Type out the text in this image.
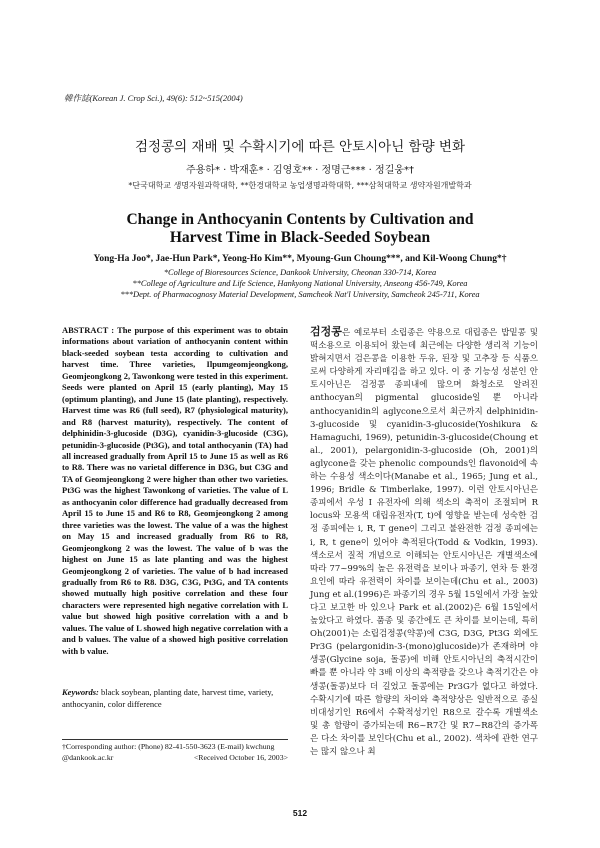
韓作誌(Korean J. Crop Sci.), 49(6): 512~515(2004)
검정콩의 재배 및 수확시기에 따른 안토시아닌 함량 변화
주용하* · 박재훈* · 김영호** · 정명근*** · 정길웅*†
*단국대학교 생명자원과학대학, **한경대학교 농업생명과학대학, ***삼척대학교 생약자원개발학과
Change in Anthocyanin Contents by Cultivation and
Harvest Time in Black-Seeded Soybean
Yong-Ha Joo*, Jae-Hun Park*, Yeong-Ho Kim**, Myoung-Gun Choung***, and Kil-Woong Chung*†
*College of Bioresources Science, Dankook University, Cheonan 330-714, Korea
**College of Agriculture and Life Science, Hankyong National University, Anseong 456-749, Korea
***Dept. of Pharmacognosy Material Development, Samcheok Nat'l University, Samcheok 245-711, Korea
ABSTRACT : The purpose of this experiment was to obtain informations about variation of anthocyanin content within black-seeded soybean testa according to cultivation and harvest time. Three varieties, Ilpumgeomjeongkong, Geomjeongkong 2, Tawonkong were tested in this experiment. Seeds were planted on April 15 (early planting), May 15 (optimum planting), and June 15 (late planting), respectively. Harvest time was R6 (full seed), R7 (physiological maturity), and R8 (harvest maturity), respectively. The content of delphinidin-3-glucoside (D3G), cyanidin-3-glucoside (C3G), petunidin-3-glucoside (Pt3G), and total anthocyanin (TA) had all increased gradually from April 15 to June 15 as well as R6 to R8. There was no varietal difference in D3G, but C3G and TA of Geomjeongkong 2 were higher than other two varieties. Pt3G was the highest Tawonkong of varieties. The value of L as anthocyanin color difference had gradually decreased from April 15 to June 15 and R6 to R8, Geomjeongkong 2 among three varieties was the lowest. The value of a was the highest on May 15 and increased gradually from R6 to R8, Geomjeongkong 2 was the lowest. The value of b was the highest on June 15 as late planting and was the highest Geomjeongkong 2 of varieties. The value of b had increased gradually from R6 to R8. D3G, C3G, Pt3G, and TA contents showed mutually high positive correlation and these four characters were represented high negative correlation with L value but showed high positive correlation with a and b values. The value of L showed high negative correlation with a and b values. The value of a showed high positive correlation with b value.
Keywords: black soybean, planting date, harvest time, variety, anthocyanin, color difference
†Corresponding author: (Phone) 82-41-550-3623 (E-mail) kwchung
@dankook.ac.kr	<Received October 16, 2003>
검정콩은 예로부터 소립종은 약용으로 대립종은 밥밑콩 및 떡소용으로 이용되어 왔는데 최근에는 다양한 생리적 기능이 밝혀지면서 검은콩을 이용한 두유, 된장 및 고추장 등 식품으로써 다양하게 자리매김을 하고 있다. 이 중 기능성 성분인 안토시아닌은 검정콩 종피내에 많으며 화청소로 알려진 anthocyan의 pigmental glucoside일 뿐 아니라 anthocyanidin의 aglycone으로서 최근까지 delphinidin-3-glucoside 및 cyanidin-3-glucoside(Yoshikura & Hamaguchi, 1969), petunidin-3-glucoside(Choung et al., 2001), pelargonidin-3-glucoside (Oh, 2001)의 aglycone을 갖는 phenolic compounds인 flavonoid에 속하는 수용성 색소이다(Manabe et al., 1965; Jung et al., 1996; Bridle & Timberlake, 1997). 이런 안토시아닌은 종피에서 우성 I 유전자에 의해 색소의 축적이 조절되며 R locus와 모용색 대립유전자(T, t)에 영향을 받는데 성숙한 검정 종피에는 i, R, T gene이 그리고 불완전한 검정 종피에는 i, R, t gene이 있어야 축적된다(Todd & Vodkin, 1993). 색소로서 질적 개념으로 이해되는 안토시아닌은 개별색소에 따라 77~99%의 높은 유전력을 보이나 파종기, 연차 등 환경요인에 따라 유전력이 차이를 보이는데(Chu et al., 2003) Jung et al.(1996)은 파종기의 경우 5월 15일에서 가장 높았다고 보고한 바 있으나 Park et al.(2002)은 6월 15일에서 높았다고 하였다. 품종 및 종간에도 큰 차이를 보이는데, 특히 Oh(2001)는 소립검정콩(약콩)에 C3G, D3G, Pt3G 외에도 Pr3G (pelargonidin-3-(mono)glucoside)가 존재하며 야생콩(Glycine soja, 돌콩)에 비해 안토시아닌의 축적시간이 빠를 뿐 아니라 약 3배 이상의 축적량을 갖으나 축적기간은 야생콩(돌콩)보다 더 길었고 돌콩에는 Pr3G가 없다고 하였다. 수확시기에 따른 함량의 차이와 축적양상은 일반적으로 종실비대성기인 R6에서 수확적성기인 R8으로 갈수록 개별색소 및 총 함량이 증가되는데 R6~R7간 및 R7~R8간의 증가폭은 다소 차이를 보인다(Chu et al., 2002). 색차에 관한 연구는 많지 않으나 최
512
